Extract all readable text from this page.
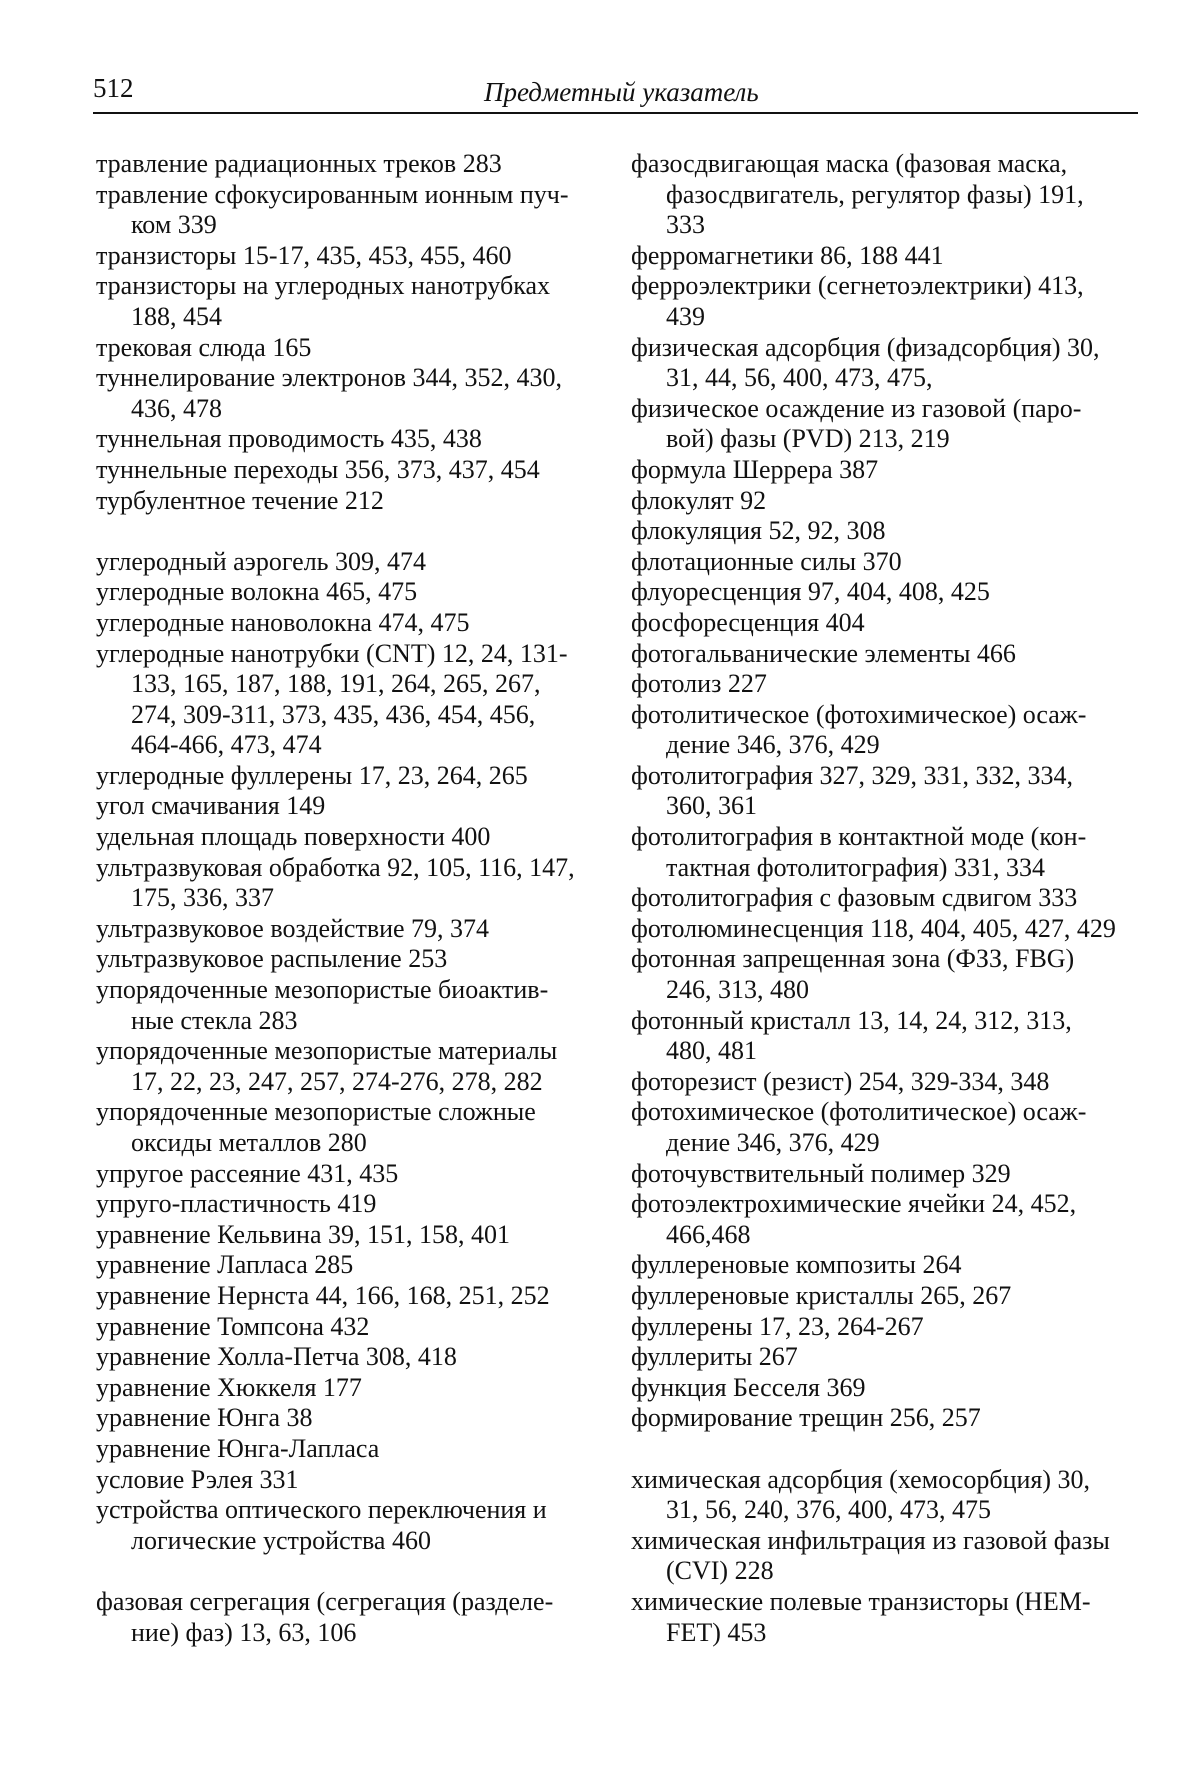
512	Предметный указатель
травление радиационных треков 283
травление сфокусированным ионным пуч-
ком 339
транзисторы 15-17, 435, 453, 455, 460
транзисторы на углеродных нанотрубках
188, 454
трековая слюда 165
туннелирование электронов 344, 352, 430,
436, 478
туннельная проводимость 435, 438
туннельные переходы 356, 373, 437, 454
турбулентное течение 212
углеродный аэрогель 309, 474
углеродные волокна 465, 475
углеродные нановолокна 474, 475
углеродные нанотрубки (CNT) 12, 24, 131-
133, 165, 187, 188, 191, 264, 265, 267,
274, 309-311, 373, 435, 436, 454, 456,
464-466, 473, 474
углеродные фуллерены 17, 23, 264, 265
угол смачивания 149
удельная площадь поверхности 400
ультразвуковая обработка 92, 105, 116, 147,
175, 336, 337
ультразвуковое воздействие 79, 374
ультразвуковое распыление 253
упорядоченные мезопористые биоактив-
ные стекла 283
упорядоченные мезопористые материалы
17, 22, 23, 247, 257, 274-276, 278, 282
упорядоченные мезопористые сложные
оксиды металлов 280
упругое рассеяние 431, 435
упруго-пластичность 419
уравнение Кельвина 39, 151, 158, 401
уравнение Лапласа 285
уравнение Нернста 44, 166, 168, 251, 252
уравнение Томпсона 432
уравнение Холла-Петча 308, 418
уравнение Хюккеля 177
уравнение Юнга 38
уравнение Юнга-Лапласа
условие Рэлея 331
устройства оптического переключения и
логические устройства 460
фазовая сегрегация (сегрегация (разделе-
ние) фаз) 13, 63, 106
фазосдвигающая маска (фазовая маска,
фазосдвигатель, регулятор фазы) 191,
333
ферромагнетики 86, 188 441
ферроэлектрики (сегнетоэлектрики) 413,
439
физическая адсорбция (физадсорбция) 30,
31, 44, 56, 400, 473, 475,
физическое осаждение из газовой (паро-
вой) фазы (PVD) 213, 219
формула Шеррера 387
флокулят 92
флокуляция 52, 92, 308
флотационные силы 370
флуоресценция 97, 404, 408, 425
фосфоресценция 404
фотогальванические элементы 466
фотолиз 227
фотолитическое (фотохимическое) осаж-
дение 346, 376, 429
фотолитография 327, 329, 331, 332, 334,
360, 361
фотолитография в контактной моде (кон-
тактная фотолитография) 331, 334
фотолитография с фазовым сдвигом 333
фотолюминесценция 118, 404, 405, 427, 429
фотонная запрещенная зона (ФЗЗ, FBG)
246, 313, 480
фотонный кристалл 13, 14, 24, 312, 313,
480, 481
фоторезист (резист) 254, 329-334, 348
фотохимическое (фотолитическое) осаж-
дение 346, 376, 429
фоточувствительный полимер 329
фотоэлектрохимические ячейки 24, 452,
466,468
фуллереновые композиты 264
фуллереновые кристаллы 265, 267
фуллерены 17, 23, 264-267
фуллериты 267
функция Бесселя 369
формирование трещин 256, 257
химическая адсорбция (хемосорбция) 30,
31, 56, 240, 376, 400, 473, 475
химическая инфильтрация из газовой фазы
(CVI) 228
химические полевые транзисторы (HEM-
FET) 453
